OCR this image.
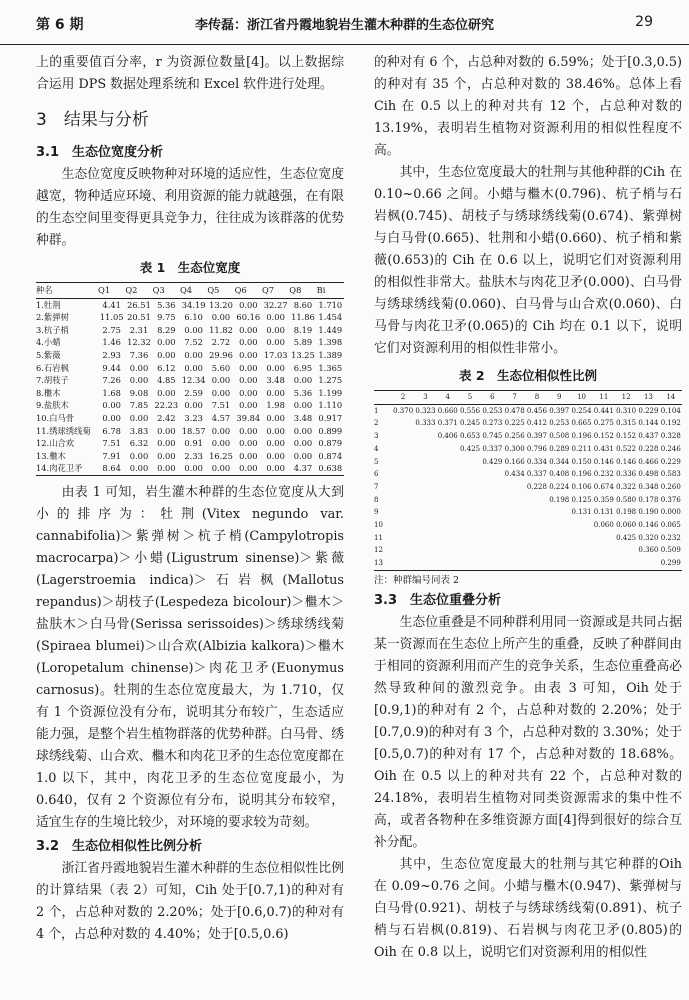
第 6 期	李传磊：浙江省丹霞地貌岩生灌木种群的生态位研究	29

上的重要值百分率，r 为资源位数量[4]。以上数据综合运用 DPS 数据处理系统和 Excel 软件进行处理。

3　结果与分析
3.1　生态位宽度分析

生态位宽度反映物种对环境的适应性，生态位宽度越宽，物种适应环境、利用资源的能力就越强，在有限的生态空间里变得更具竞争力，往往成为该群落的优势种群。

表 1　生态位宽度
种名	Q1	Q2	Q3	Q4	Q5	Q6	Q7	Q8	Bi
1.牡荆	4.41	26.51	5.36	34.19	13.20	0.00	32.27	8.60	1.710
2.紫弹树	11.05	20.51	9.75	6.10	0.00	60.16	0.00	11.86	1.454
3.杭子梢	2.75	2.31	8.29	0.00	11.82	0.00	0.00	8.19	1.449
4.小蜡	1.46	12.32	0.00	7.52	2.72	0.00	0.00	5.89	1.398
5.紫薇	2.93	7.36	0.00	0.00	29.96	0.00	17.03	13.25	1.389
6.石岩枫	9.44	0.00	6.12	0.00	5.60	0.00	0.00	6.95	1.365
7.胡枝子	7.26	0.00	4.85	12.34	0.00	0.00	3.48	0.00	1.275
8.檵木	1.68	9.08	0.00	2.59	0.00	0.00	0.00	5.36	1.199
9.盐肤木	0.00	7.85	22.23	0.00	7.51	0.00	1.98	0.00	1.110
10.白马骨	0.00	0.00	2.42	3.23	4.57	39.84	0.00	3.48	0.917
11.绣球绣线菊	6.78	3.83	0.00	18.57	0.00	0.00	0.00	0.00	0.899
12.山合欢	7.51	6.32	0.00	0.91	0.00	0.00	0.00	0.00	0.879
13.檵木	7.91	0.00	0.00	2.33	16.25	0.00	0.00	0.00	0.874
14.肉花卫矛	8.64	0.00	0.00	0.00	0.00	0.00	0.00	4.37	0.638

由表 1 可知，岩生灌木种群的生态位宽度从大到小的排序为：牡荆(Vitex negundo var. cannabifolia)＞紫弹树＞杭子梢(Campylotropis macrocarpa)＞小蜡(Ligustrum sinense)＞紫薇(Lagerstroemia indica)＞石岩枫(Mallotus repandus)＞胡枝子(Lespedeza bicolour)＞檵木＞盐肤木＞白马骨(Serissa serissoides)＞绣球绣线菊(Spiraea blumei)＞山合欢(Albizia kalkora)＞檵木(Loropetalum chinense)＞肉花卫矛(Euonymus carnosus)。牡荆的生态位宽度最大，为 1.710，仅有 1 个资源位没有分布，说明其分布较广，生态适应能力强，是整个岩生植物群落的优势种群。白马骨、绣球绣线菊、山合欢、檵木和肉花卫矛的生态位宽度都在 1.0 以下，其中，肉花卫矛的生态位宽度最小，为 0.640，仅有 2 个资源位有分布，说明其分布较窄，适宜生存的生境比较少，对环境的要求较为苛刻。

3.2　生态位相似性比例分析

浙江省丹霞地貌岩生灌木种群的生态位相似性比例的计算结果（表 2）可知，Cih 处于[0.7,1)的种对有 2 个，占总种对数的 2.20%；处于[0.6,0.7)的种对有 4 个，占总种对数的 4.40%；处于[0.5,0.6)

的种对有 6 个，占总种对数的 6.59%；处于[0.3,0.5)的种对有 35 个，占总种对数的 38.46%。总体上看 Cih 在 0.5 以上的种对共有 12 个，占总种对数的 13.19%，表明岩生植物对资源利用的相似性程度不高。

其中，生态位宽度最大的牡荆与其他种群的Cih 在 0.10~0.66 之间。小蜡与檵木(0.796)、杭子梢与石岩枫(0.745)、胡枝子与绣球绣线菊(0.674)、紫弹树与白马骨(0.665)、牡荆和小蜡(0.660)、杭子梢和紫薇(0.653)的 Cih 在 0.6 以上，说明它们对资源利用的相似性非常大。盐肤木与肉花卫矛(0.000)、白马骨与绣球绣线菊(0.060)、白马骨与山合欢(0.060)、白马骨与肉花卫矛(0.065)的 Cih 均在 0.1 以下，说明它们对资源利用的相似性非常小。

表 2　生态位相似性比例
	2	3	4	5	6	7	8	9	10	11	12	13	14
1	0.370	0.323	0.660	0.556	0.253	0.478	0.456	0.397	0.254	0.441	0.310	0.229	0.104
2		0.333	0.371	0.245	0.273	0.225	0.412	0.253	0.665	0.275	0.315	0.144	0.192
3			0.406	0.653	0.745	0.256	0.397	0.508	0.196	0.152	0.152	0.437	0.328
4				0.425	0.337	0.300	0.796	0.289	0.211	0.431	0.522	0.228	0.246
5					0.429	0.166	0.334	0.344	0.150	0.146	0.146	0.466	0.229
6						0.434	0.337	0.408	0.196	0.232	0.336	0.498	0.583
7							0.228	0.224	0.106	0.674	0.322	0.348	0.260
8								0.198	0.125	0.359	0.580	0.178	0.376
9									0.131	0.131	0.198	0.190	0.000
10										0.060	0.060	0.146	0.065
11											0.425	0.320	0.232
12												0.360	0.509
13													0.299
注：种群编号同表 2
3.3　生态位重叠分析

生态位重叠是不同种群利用同一资源或是共同占据某一资源而在生态位上所产生的重叠，反映了种群间由于相同的资源利用而产生的竞争关系，生态位重叠高必然导致种间的激烈竞争。由表 3 可知，Oih 处于[0.9,1)的种对有 2 个，占总种对数的 2.20%；处于[0.7,0.9)的种对有 3 个，占总种对数的 3.30%；处于[0.5,0.7)的种对有 17 个，占总种对数的 18.68%。Oih 在 0.5 以上的种对共有 22 个，占总种对数的 24.18%，表明岩生植物对同类资源需求的集中性不高，或者各物种在多维资源方面[4]得到很好的综合互补分配。

其中，生态位宽度最大的牡荆与其它种群的Oih 在 0.09~0.76 之间。小蜡与檵木(0.947)、紫弹树与白马骨(0.921)、胡枝子与绣球绣线菊(0.891)、杭子梢与石岩枫(0.819)、石岩枫与肉花卫矛(0.805)的 Oih 在 0.8 以上，说明它们对资源利用的相似性
